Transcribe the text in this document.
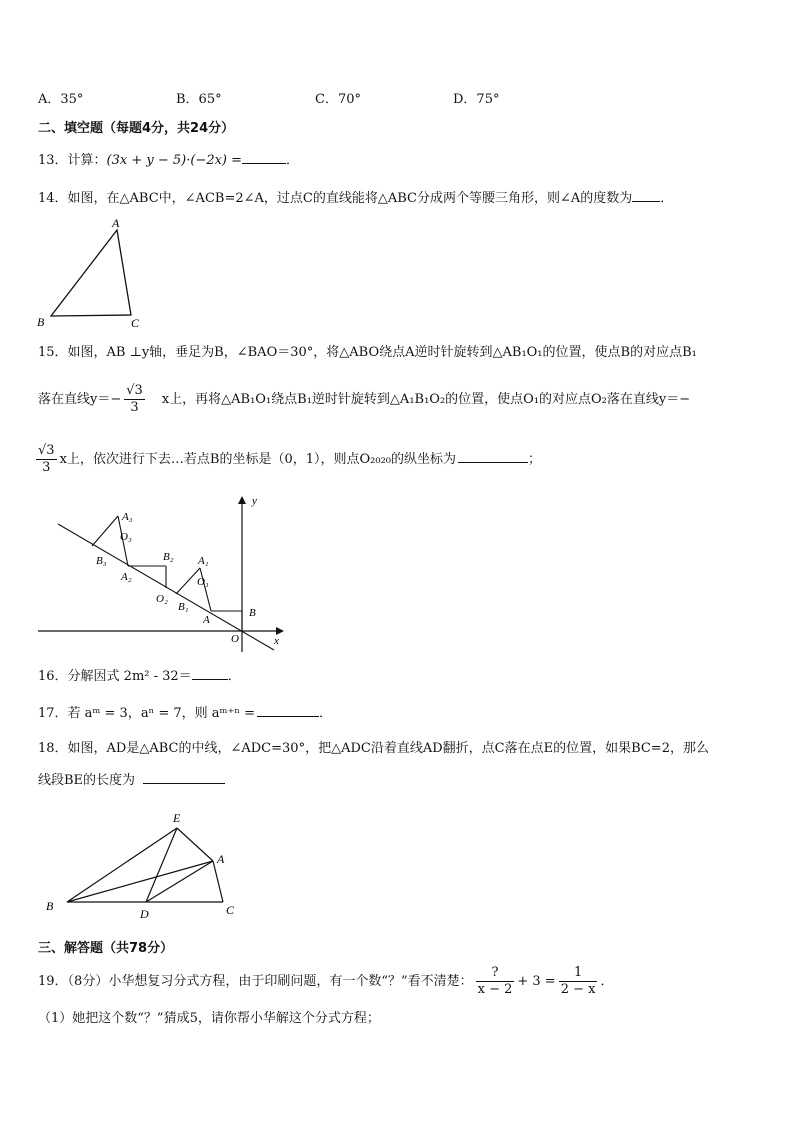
A．35°	B．65°	C．70°	D．75°
二、填空题（每题4分，共24分）
13．计算：(3x + y − 5)·(−2x) =	．
14．如图，在△ABC中，∠ACB=2∠A，过点C的直线能将△ABC分成两个等腰三角形，则∠A的度数为 ．
A
B	C
15．如图，AB ⊥y轴，垂足为B，∠BAO＝30°，将△ABO绕点A逆时针旋转到△AB₁O₁的位置，使点B的对应点B₁
落在直线$y=- \frac{√3}{3}$ x上，再将△AB₁O₁绕点B₁逆时针旋转到△A₁B₁O₂的位置，使点O₁的对应点O₂落在直线y＝−
$\frac{√3}{3}$ x上，依次进行下去…若点B的坐标是（0，1），则点O₂₀₂₀的纵坐标为	；
y
x
O
B
A
A₁
O₁
B₁
B₂
O₂
A₂
A₃
O₃
B₃
16．分解因式 2m² - 32＝	．
17．若 aᵐ = 3，aⁿ = 7，则 aᵐ⁺ⁿ =	．
18．如图，AD是△ABC的中线，∠ADC=30°，把△ADC沿着直线AD翻折，点C落在点E的位置，如果BC=2，那么
线段BE的长度为
E
A
B
D	C
三、解答题（共78分）
19．（8分）小华想复习分式方程，由于印刷问题，有一个数“？”看不清楚： $\frac{?}{x - 2} + 3 = \frac{1}{2 - x}$ ．
（1）她把这个数“？”猜成5，请你帮小华解这个分式方程；
